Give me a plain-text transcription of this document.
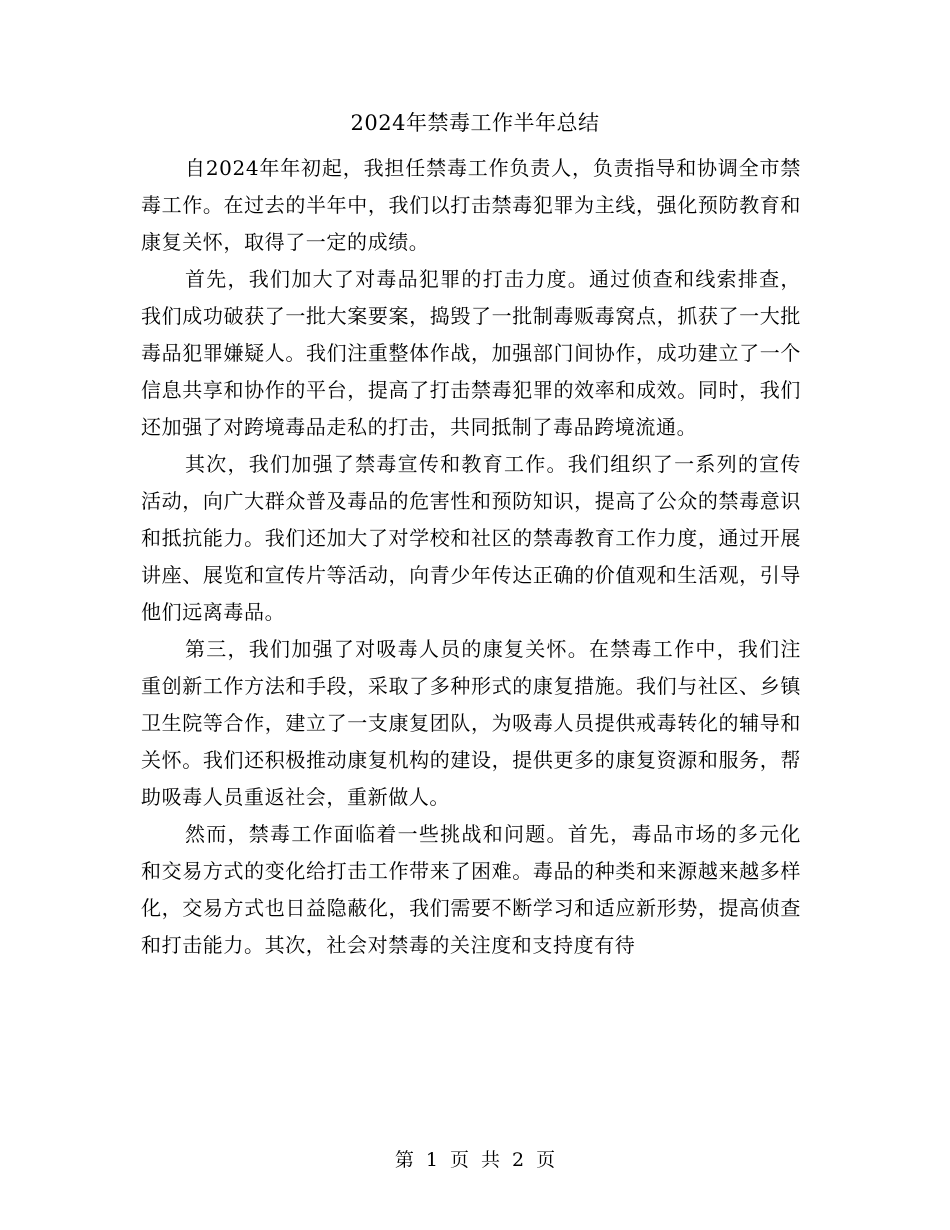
2024年禁毒工作半年总结

自2024年年初起，我担任禁毒工作负责人，负责指导和协调全市禁毒工作。在过去的半年中，我们以打击禁毒犯罪为主线，强化预防教育和康复关怀，取得了一定的成绩。

首先，我们加大了对毒品犯罪的打击力度。通过侦查和线索排查，我们成功破获了一批大案要案，捣毁了一批制毒贩毒窝点，抓获了一大批毒品犯罪嫌疑人。我们注重整体作战，加强部门间协作，成功建立了一个信息共享和协作的平台，提高了打击禁毒犯罪的效率和成效。同时，我们还加强了对跨境毒品走私的打击，共同抵制了毒品跨境流通。

其次，我们加强了禁毒宣传和教育工作。我们组织了一系列的宣传活动，向广大群众普及毒品的危害性和预防知识，提高了公众的禁毒意识和抵抗能力。我们还加大了对学校和社区的禁毒教育工作力度，通过开展讲座、展览和宣传片等活动，向青少年传达正确的价值观和生活观，引导他们远离毒品。

第三，我们加强了对吸毒人员的康复关怀。在禁毒工作中，我们注重创新工作方法和手段，采取了多种形式的康复措施。我们与社区、乡镇卫生院等合作，建立了一支康复团队，为吸毒人员提供戒毒转化的辅导和关怀。我们还积极推动康复机构的建设，提供更多的康复资源和服务，帮助吸毒人员重返社会，重新做人。

然而，禁毒工作面临着一些挑战和问题。首先，毒品市场的多元化和交易方式的变化给打击工作带来了困难。毒品的种类和来源越来越多样化，交易方式也日益隐蔽化，我们需要不断学习和适应新形势，提高侦查和打击能力。其次，社会对禁毒的关注度和支持度有待

第 1 页 共 2 页
